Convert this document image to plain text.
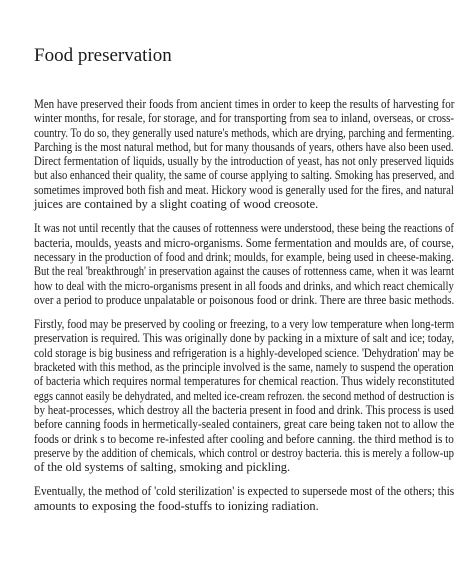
Food preservation
Men have preserved their foods from ancient times in order to keep the results of harvesting for
winter months, for resale, for storage, and for transporting from sea to inland, overseas, or cross-
country. To do so, they generally used nature's methods, which are drying, parching and fermenting.
Parching is the most natural method, but for many thousands of years, others have also been used.
Direct fermentation of liquids, usually by the introduction of yeast, has not only preserved liquids
but also enhanced their quality, the same of course applying to salting. Smoking has preserved, and
sometimes improved both fish and meat. Hickory wood is generally used for the fires, and natural
juices are contained by a slight coating of wood creosote.
It was not until recently that the causes of rottenness were understood, these being the reactions of
bacteria, moulds, yeasts and micro-organisms. Some fermentation and moulds are, of course,
necessary in the production of food and drink; moulds, for example, being used in cheese-making.
But the real 'breakthrough' in preservation against the causes of rottenness came, when it was learnt
how to deal with the micro-organisms present in all foods and drinks, and which react chemically
over a period to produce unpalatable or poisonous food or drink. There are three basic methods.
Firstly, food may be preserved by cooling or freezing, to a very low temperature when long-term
preservation is required. This was originally done by packing in a mixture of salt and ice; today,
cold storage is big business and refrigeration is a highly-developed science. 'Dehydration' may be
bracketed with this method, as the principle involved is the same, namely to suspend the operation
of bacteria which requires normal temperatures for chemical reaction. Thus widely reconstituted
eggs cannot easily be dehydrated, and melted ice-cream refrozen. the second method of destruction is
by heat-processes, which destroy all the bacteria present in food and drink. This process is used
before canning foods in hermetically-sealed containers, great care being taken not to allow the
foods or drink s to become re-infested after cooling and before canning. the third method is to
preserve by the addition of chemicals, which control or destroy bacteria. this is merely a follow-up
of the old systems of salting, smoking and pickling.
Eventually, the method of 'cold sterilization' is expected to supersede most of the others; this
amounts to exposing the food-stuffs to ionizing radiation.
